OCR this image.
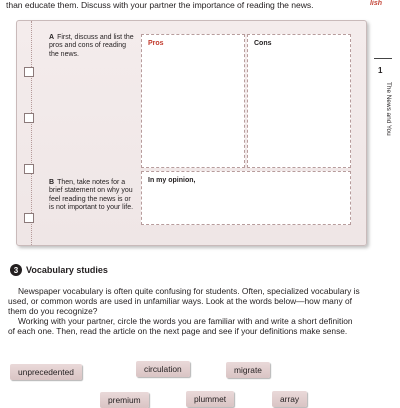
than educate them. Discuss with your partner the importance of reading the news.	lish
1
The News and You
A First, discuss and list the pros and cons of reading the news.
Pros	Cons
B Then, take notes for a brief statement on why you feel reading the news is or is not important to your life.
In my opinion,
3 Vocabulary studies
Newspaper vocabulary is often quite confusing for students. Often, specialized vocabulary is used, or common words are used in unfamiliar ways. Look at the words below—how many of them do you recognize?
Working with your partner, circle the words you are familiar with and write a short definition of each one. Then, read the article on the next page and see if your definitions make sense.
unprecedented	circulation	migrate
premium	plummet	array
